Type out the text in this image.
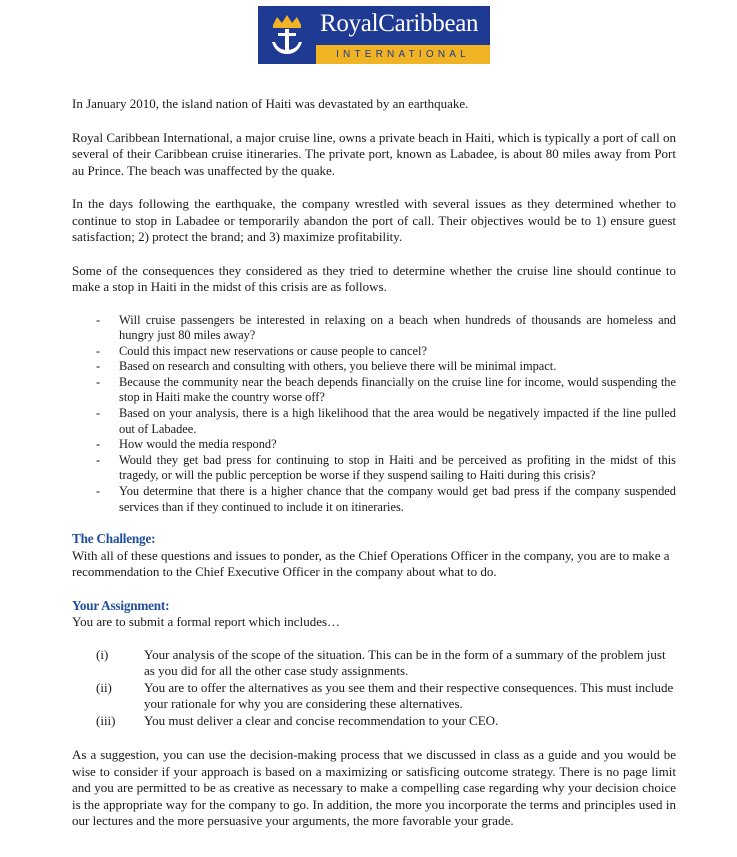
RoyalCaribbean
INTERNATIONAL

In January 2010, the island nation of Haiti was devastated by an earthquake.

Royal Caribbean International, a major cruise line, owns a private beach in Haiti, which is typically a port of call on several of their Caribbean cruise itineraries. The private port, known as Labadee, is about 80 miles away from Port au Prince. The beach was unaffected by the quake.

In the days following the earthquake, the company wrestled with several issues as they determined whether to continue to stop in Labadee or temporarily abandon the port of call. Their objectives would be to 1) ensure guest satisfaction; 2) protect the brand; and 3) maximize profitability.

Some of the consequences they considered as they tried to determine whether the cruise line should continue to make a stop in Haiti in the midst of this crisis are as follows.

- Will cruise passengers be interested in relaxing on a beach when hundreds of thousands are homeless and hungry just 80 miles away?
- Could this impact new reservations or cause people to cancel?
- Based on research and consulting with others, you believe there will be minimal impact.
- Because the community near the beach depends financially on the cruise line for income, would suspending the stop in Haiti make the country worse off?
- Based on your analysis, there is a high likelihood that the area would be negatively impacted if the line pulled out of Labadee.
- How would the media respond?
- Would they get bad press for continuing to stop in Haiti and be perceived as profiting in the midst of this tragedy, or will the public perception be worse if they suspend sailing to Haiti during this crisis?
- You determine that there is a higher chance that the company would get bad press if the company suspended services than if they continued to include it on itineraries.

The Challenge:

With all of these questions and issues to ponder, as the Chief Operations Officer in the company, you are to make a recommendation to the Chief Executive Officer in the company about what to do.

Your Assignment:

You are to submit a formal report which includes…

(i)	Your analysis of the scope of the situation. This can be in the form of a summary of the problem just as you did for all the other case study assignments.
(ii) You are to offer the alternatives as you see them and their respective consequences. This must include your rationale for why you are considering these alternatives.
(iii) You must deliver a clear and concise recommendation to your CEO.

As a suggestion, you can use the decision-making process that we discussed in class as a guide and you would be wise to consider if your approach is based on a maximizing or satisficing outcome strategy. There is no page limit and you are permitted to be as creative as necessary to make a compelling case regarding why your decision choice is the appropriate way for the company to go. In addition, the more you incorporate the terms and principles used in our lectures and the more persuasive your arguments, the more favorable your grade.
